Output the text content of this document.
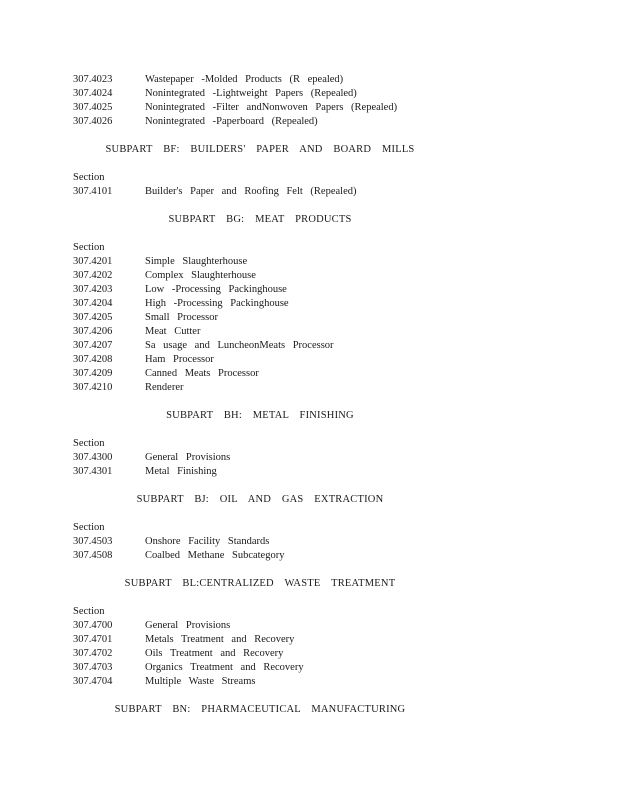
307.4023	Wastepaper -Molded Products (R epealed)
307.4024	Nonintegrated -Lightweight Papers (Repealed)
307.4025	Nonintegrated -Filter andNonwoven Papers (Repealed)
307.4026	Nonintegrated -Paperboard (Repealed)
SUBPART BF: BUILDERS' PAPER AND BOARD MILLS
Section
307.4101	Builder's Paper and Roofing Felt (Repealed)
SUBPART BG: MEAT PRODUCTS
Section
307.4201	Simple Slaughterhouse
307.4202	Complex Slaughterhouse
307.4203	Low -Processing Packinghouse
307.4204	High -Processing Packinghouse
307.4205	Small Processor
307.4206	Meat Cutter
307.4207	Sa usage and LuncheonMeats Processor
307.4208	Ham Processor
307.4209	Canned Meats Processor
307.4210	Renderer
SUBPART BH: METAL FINISHING
Section
307.4300	General Provisions
307.4301	Metal Finishing
SUBPART BJ: OIL AND GAS EXTRACTION
Section
307.4503	Onshore Facility Standards
307.4508	Coalbed Methane Subcategory
SUBPART BL:CENTRALIZED WASTE TREATMENT
Section
307.4700	General Provisions
307.4701	Metals Treatment and Recovery
307.4702	Oils Treatment and Recovery
307.4703	Organics Treatment and Recovery
307.4704	Multiple Waste Streams
SUBPART BN: PHARMACEUTICAL MANUFACTURING
